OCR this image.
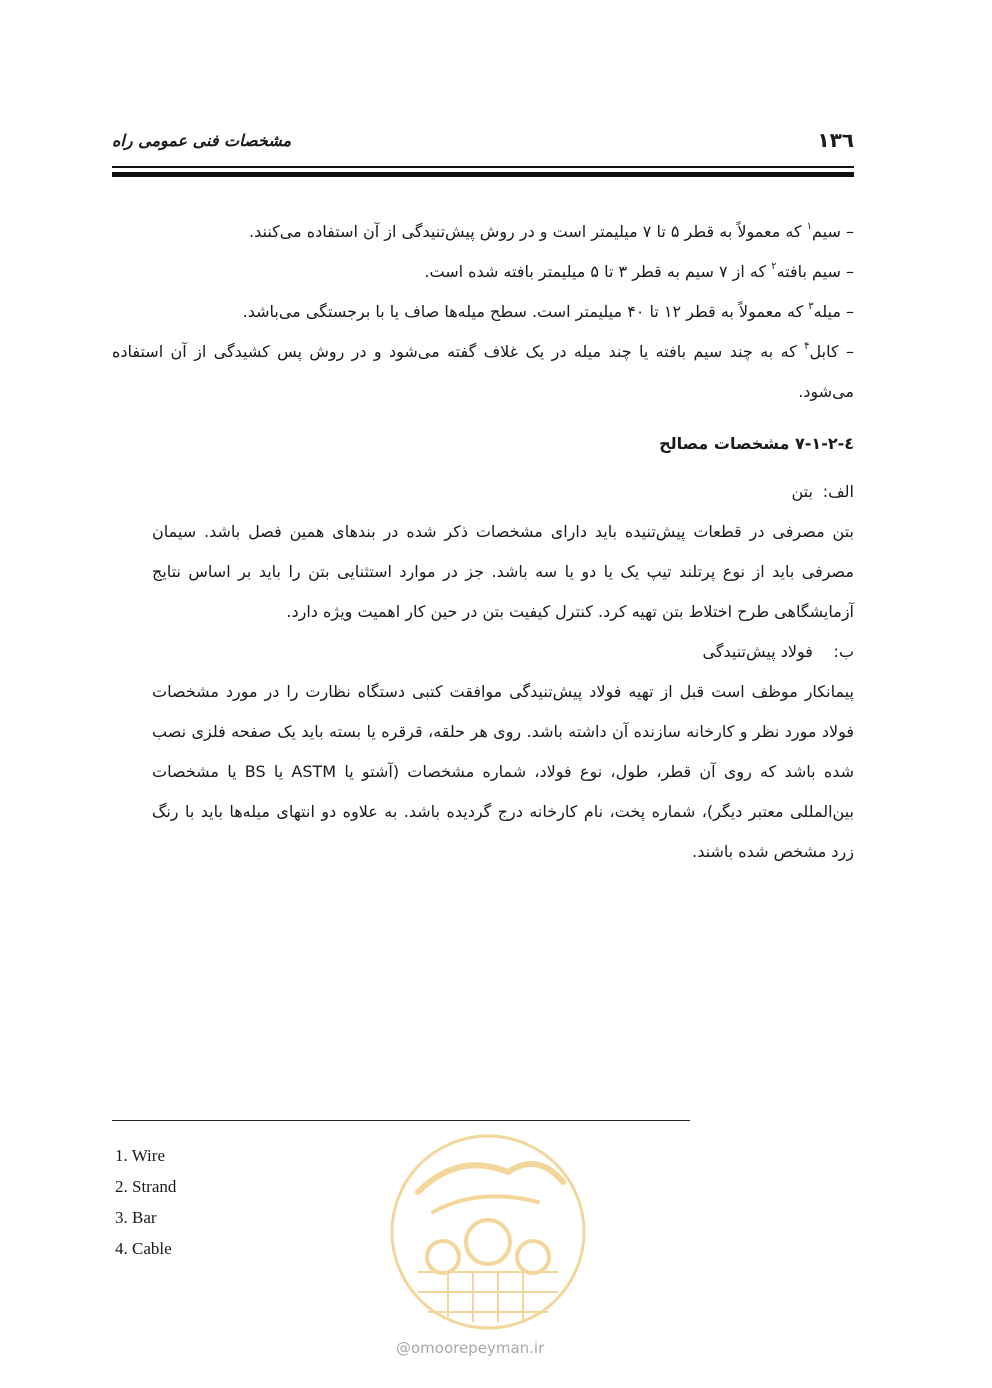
۱۳٦
مشخصات فنی عمومی راه

– سیم$^۱$ که معمولاً به قطر ۵ تا ۷ میلیمتر است و در روش پیش‌تنیدگی از آن استفاده می‌کنند.

– سیم بافته$^۲$ که از ۷ سیم به قطر ۳ تا ۵ میلیمتر بافته شده است.

– میله$^۳$ که معمولاً به قطر ۱۲ تا ۴۰ میلیمتر است. سطح میله‌ها صاف یا با برجستگی می‌باشد.

– کابل$^۴$ که به چند سیم بافته یا چند میله در یک غلاف گفته می‌شود و در روش پس کشیدگی از آن استفاده می‌شود.

٤-۷-۱-۲ مشخصات مصالح

الف: بتن

بتن مصرفی در قطعات پیش‌تنیده باید دارای مشخصات ذکر شده در بندهای همین فصل باشد. سیمان مصرفی باید از نوع پرتلند تیپ یک یا دو یا سه باشد. جز در موارد استثنایی بتن را باید بر اساس نتایج آزمایشگاهی طرح اختلاط بتن تهیه کرد. کنترل کیفیت بتن در حین کار اهمیت ویژه دارد.

ب: فولاد پیش‌تنیدگی

پیمانکار موظف است قبل از تهیه فولاد پیش‌تنیدگی موافقت کتبی دستگاه نظارت را در مورد مشخصات فولاد مورد نظر و کارخانه سازنده آن داشته باشد. روی هر حلقه، قرقره یا بسته باید یک صفحه فلزی نصب شده باشد که روی آن قطر، طول، نوع فولاد، شماره مشخصات (آشتو یا ASTM یا BS یا مشخصات بین‌المللی معتبر دیگر)، شماره پخت، نام کارخانه درج گردیده باشد. به علاوه دو انتهای میله‌ها باید با رنگ زرد مشخص شده باشند.

1. Wire
2. Strand
3. Bar
4. Cable
@omoorepeyman.ir
